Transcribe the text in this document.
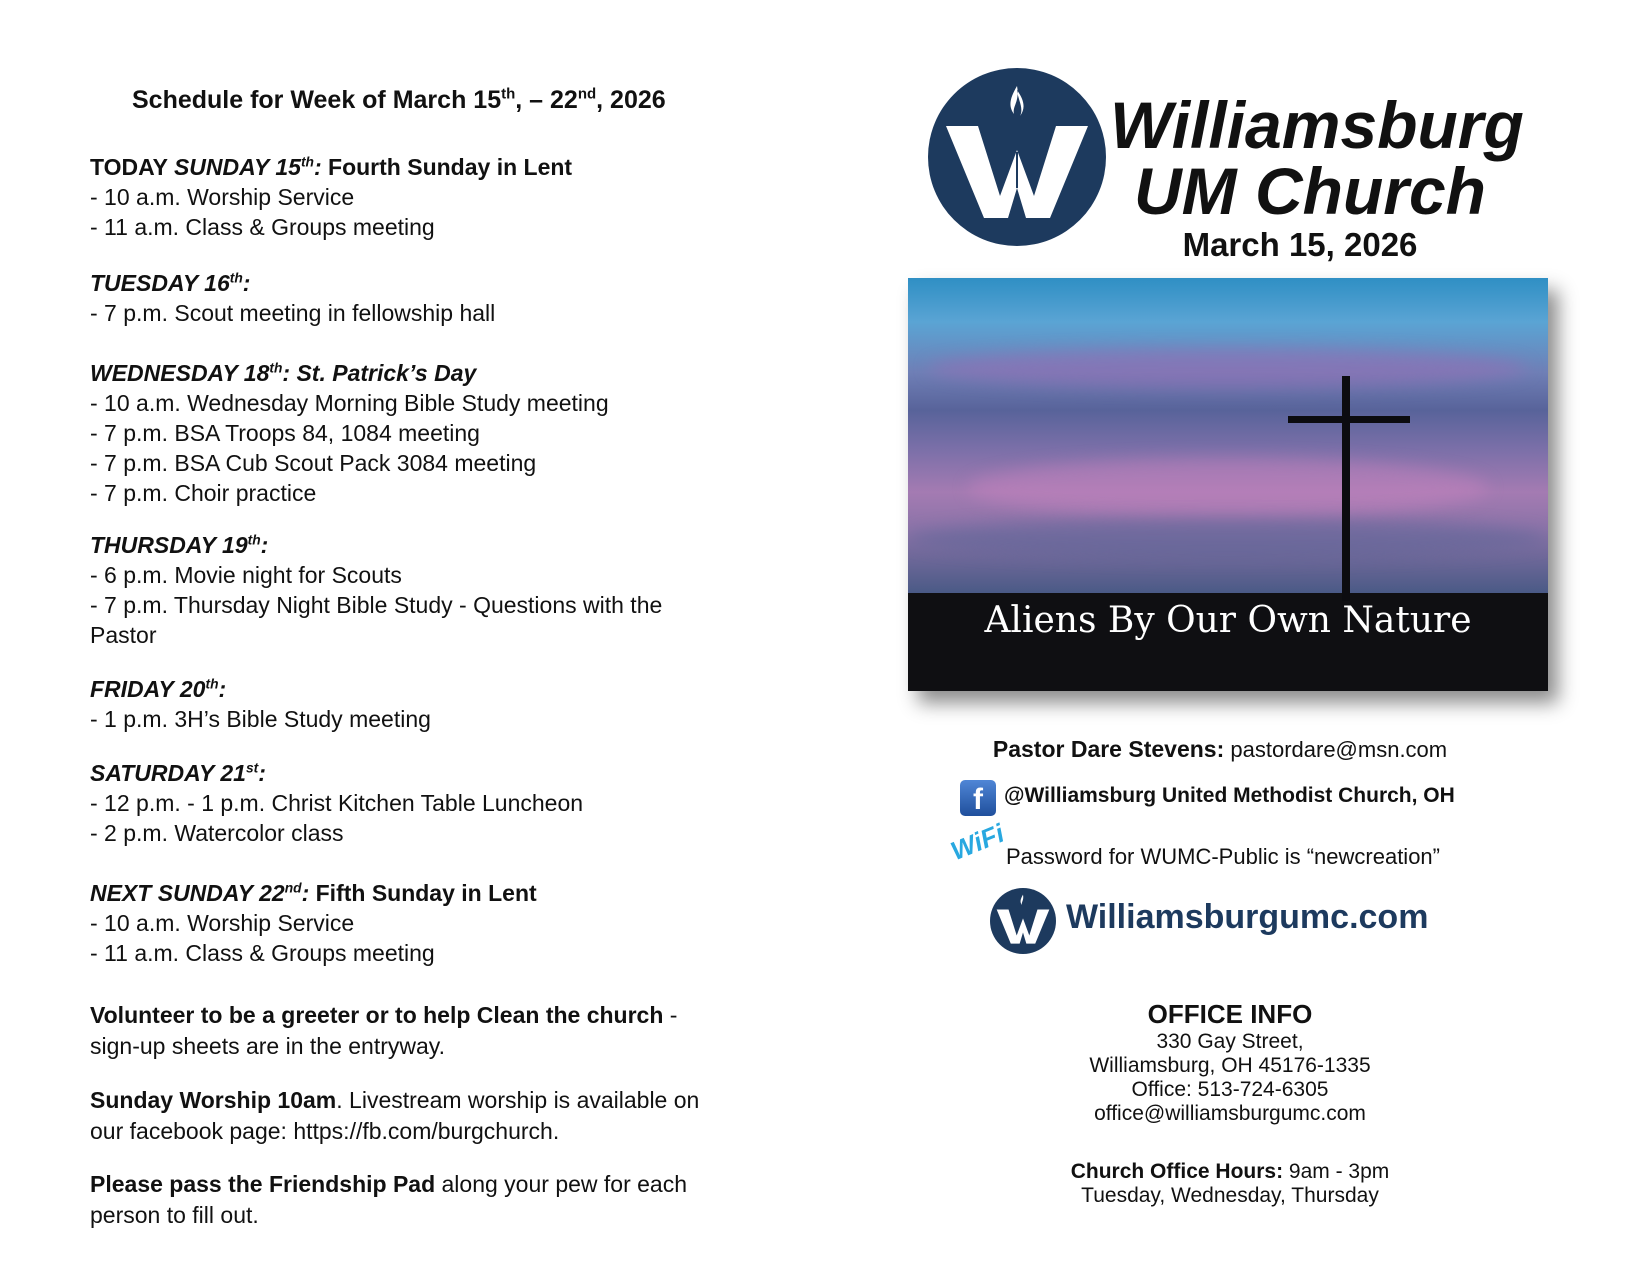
Schedule for Week of March 15th, – 22nd, 2026
TODAY SUNDAY 15th: Fourth Sunday in Lent
- 10 a.m. Worship Service
- 11 a.m. Class & Groups meeting
TUESDAY 16th:
- 7 p.m. Scout meeting in fellowship hall
WEDNESDAY 18th: St. Patrick’s Day
- 10 a.m. Wednesday Morning Bible Study meeting
- 7 p.m. BSA Troops 84, 1084 meeting
- 7 p.m. BSA Cub Scout Pack 3084 meeting
- 7 p.m. Choir practice
THURSDAY 19th:
- 6 p.m. Movie night for Scouts
- 7 p.m. Thursday Night Bible Study - Questions with the Pastor
FRIDAY 20th:
- 1 p.m. 3H’s Bible Study meeting
SATURDAY 21st:
- 12 p.m. - 1 p.m. Christ Kitchen Table Luncheon
- 2 p.m. Watercolor class
NEXT SUNDAY 22nd: Fifth Sunday in Lent
- 10 a.m. Worship Service
- 11 a.m. Class & Groups meeting
Volunteer to be a greeter or to help Clean the church - sign-up sheets are in the entryway.
Sunday Worship 10am. Livestream worship is available on our facebook page: https://fb.com/burgchurch.
Please pass the Friendship Pad along your pew for each person to fill out.
Williamsburg
UM Church
March 15, 2026
Aliens By Our Own Nature
Pastor Dare Stevens: pastordare@msn.com
f	@Williamsburg United Methodist Church, OH
WiFi
Password for WUMC-Public is “newcreation”
Williamsburgumc.com
OFFICE INFO
330 Gay Street,
Williamsburg, OH 45176-1335
Office: 513-724-6305
office@williamsburgumc.com
Church Office Hours: 9am - 3pm
Tuesday, Wednesday, Thursday
